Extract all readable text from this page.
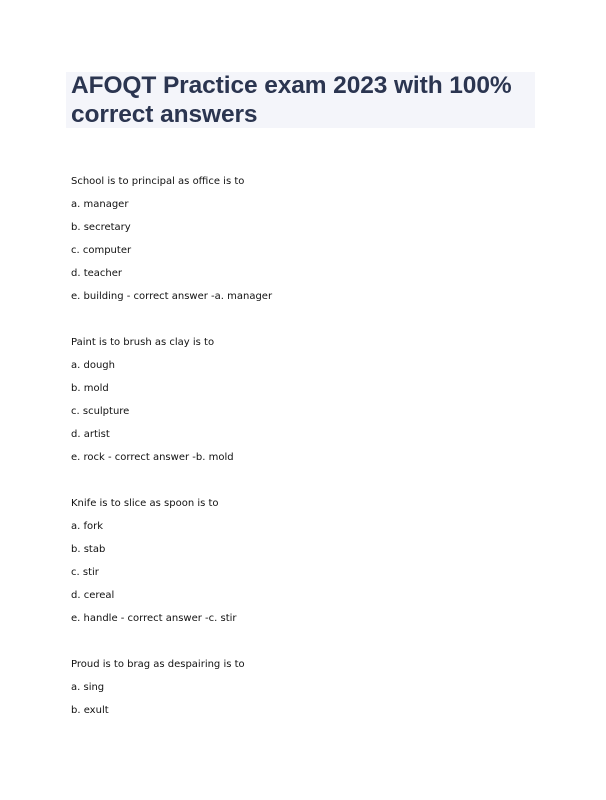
AFOQT Practice exam 2023 with 100% correct answers
School is to principal as office is to
a. manager
b. secretary
c. computer
d. teacher
e. building - correct answer -a. manager
Paint is to brush as clay is to
a. dough
b. mold
c. sculpture
d. artist
e. rock - correct answer -b. mold
Knife is to slice as spoon is to
a. fork
b. stab
c. stir
d. cereal
e. handle - correct answer -c. stir
Proud is to brag as despairing is to
a. sing
b. exult
